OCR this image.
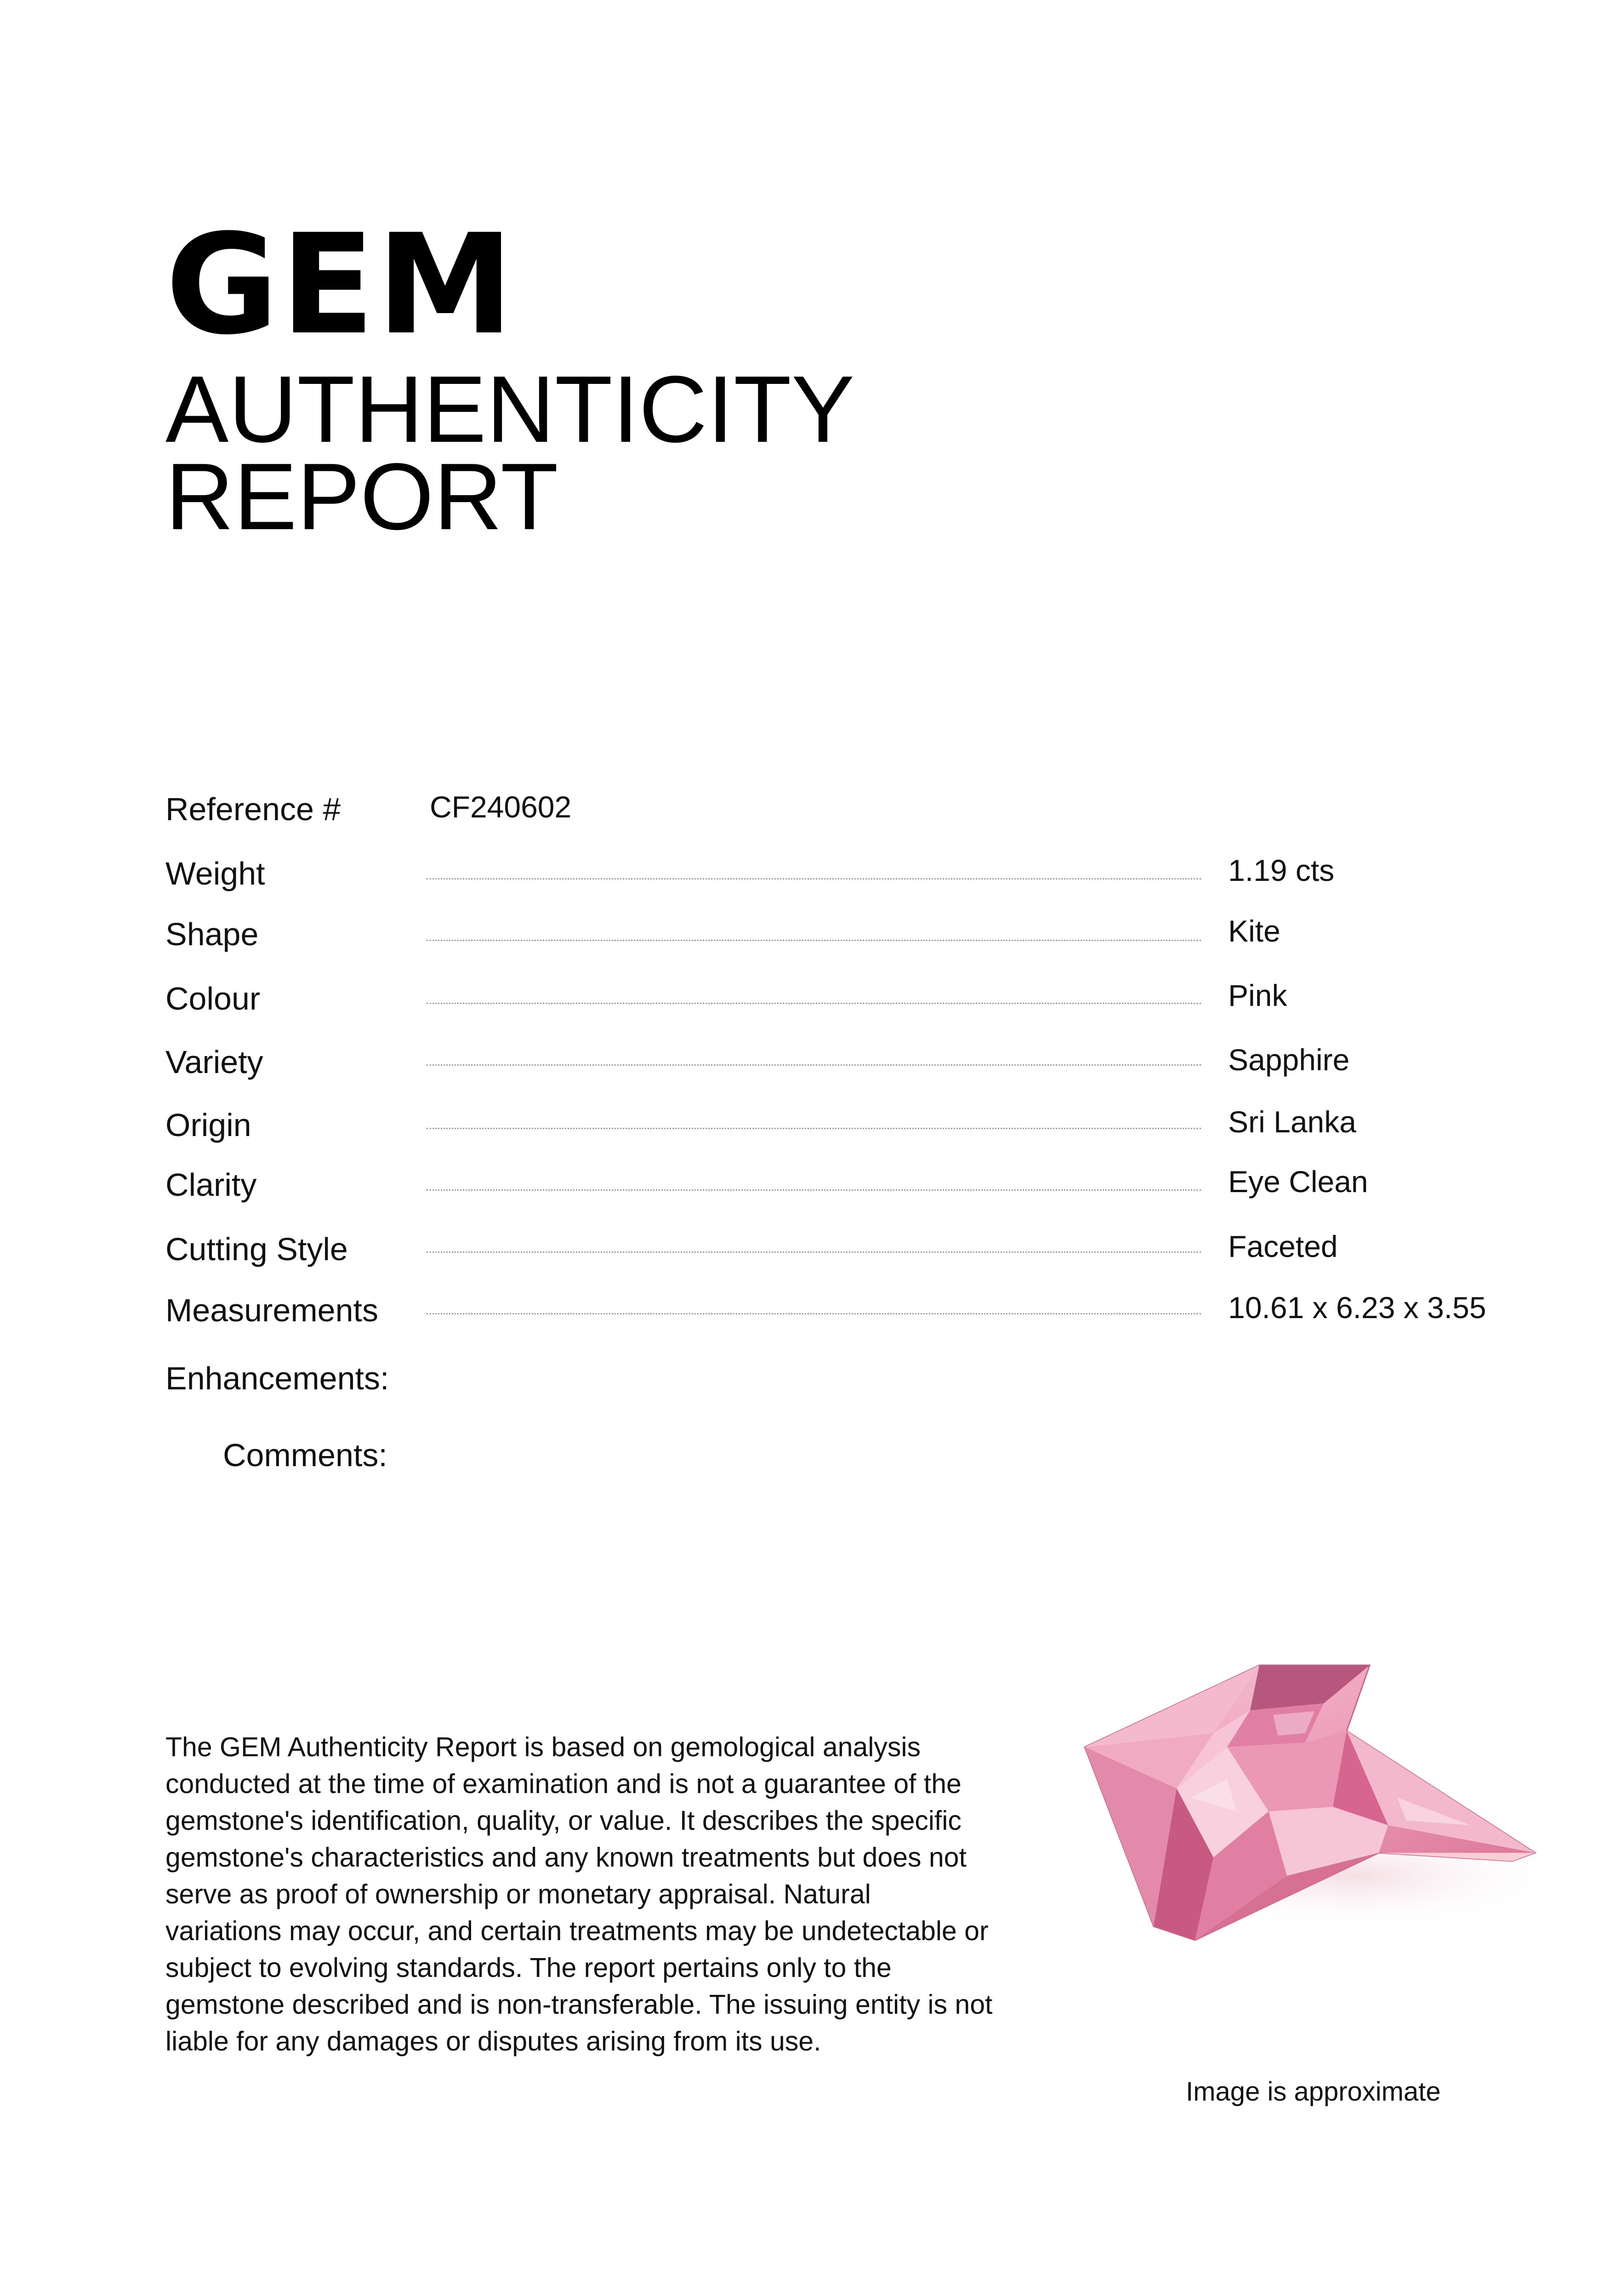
GEM
AUTHENTICITY
REPORT
Reference #	CF240602
Weight	1.19 cts
Shape	Kite
Colour	Pink
Variety	Sapphire
Origin	Sri Lanka
Clarity	Eye Clean
Cutting Style	Faceted
Measurements	10.61 x 6.23 x 3.55
Enhancements:
Comments:

The GEM Authenticity Report is based on gemological analysis conducted at the time of examination and is not a guarantee of the gemstone's identification, quality, or value. It describes the specific gemstone's characteristics and any known treatments but does not serve as proof of ownership or monetary appraisal. Natural variations may occur, and certain treatments may be undetectable or subject to evolving standards. The report pertains only to the gemstone described and is non-transferable. The issuing entity is not liable for any damages or disputes arising from its use.

Image is approximate
